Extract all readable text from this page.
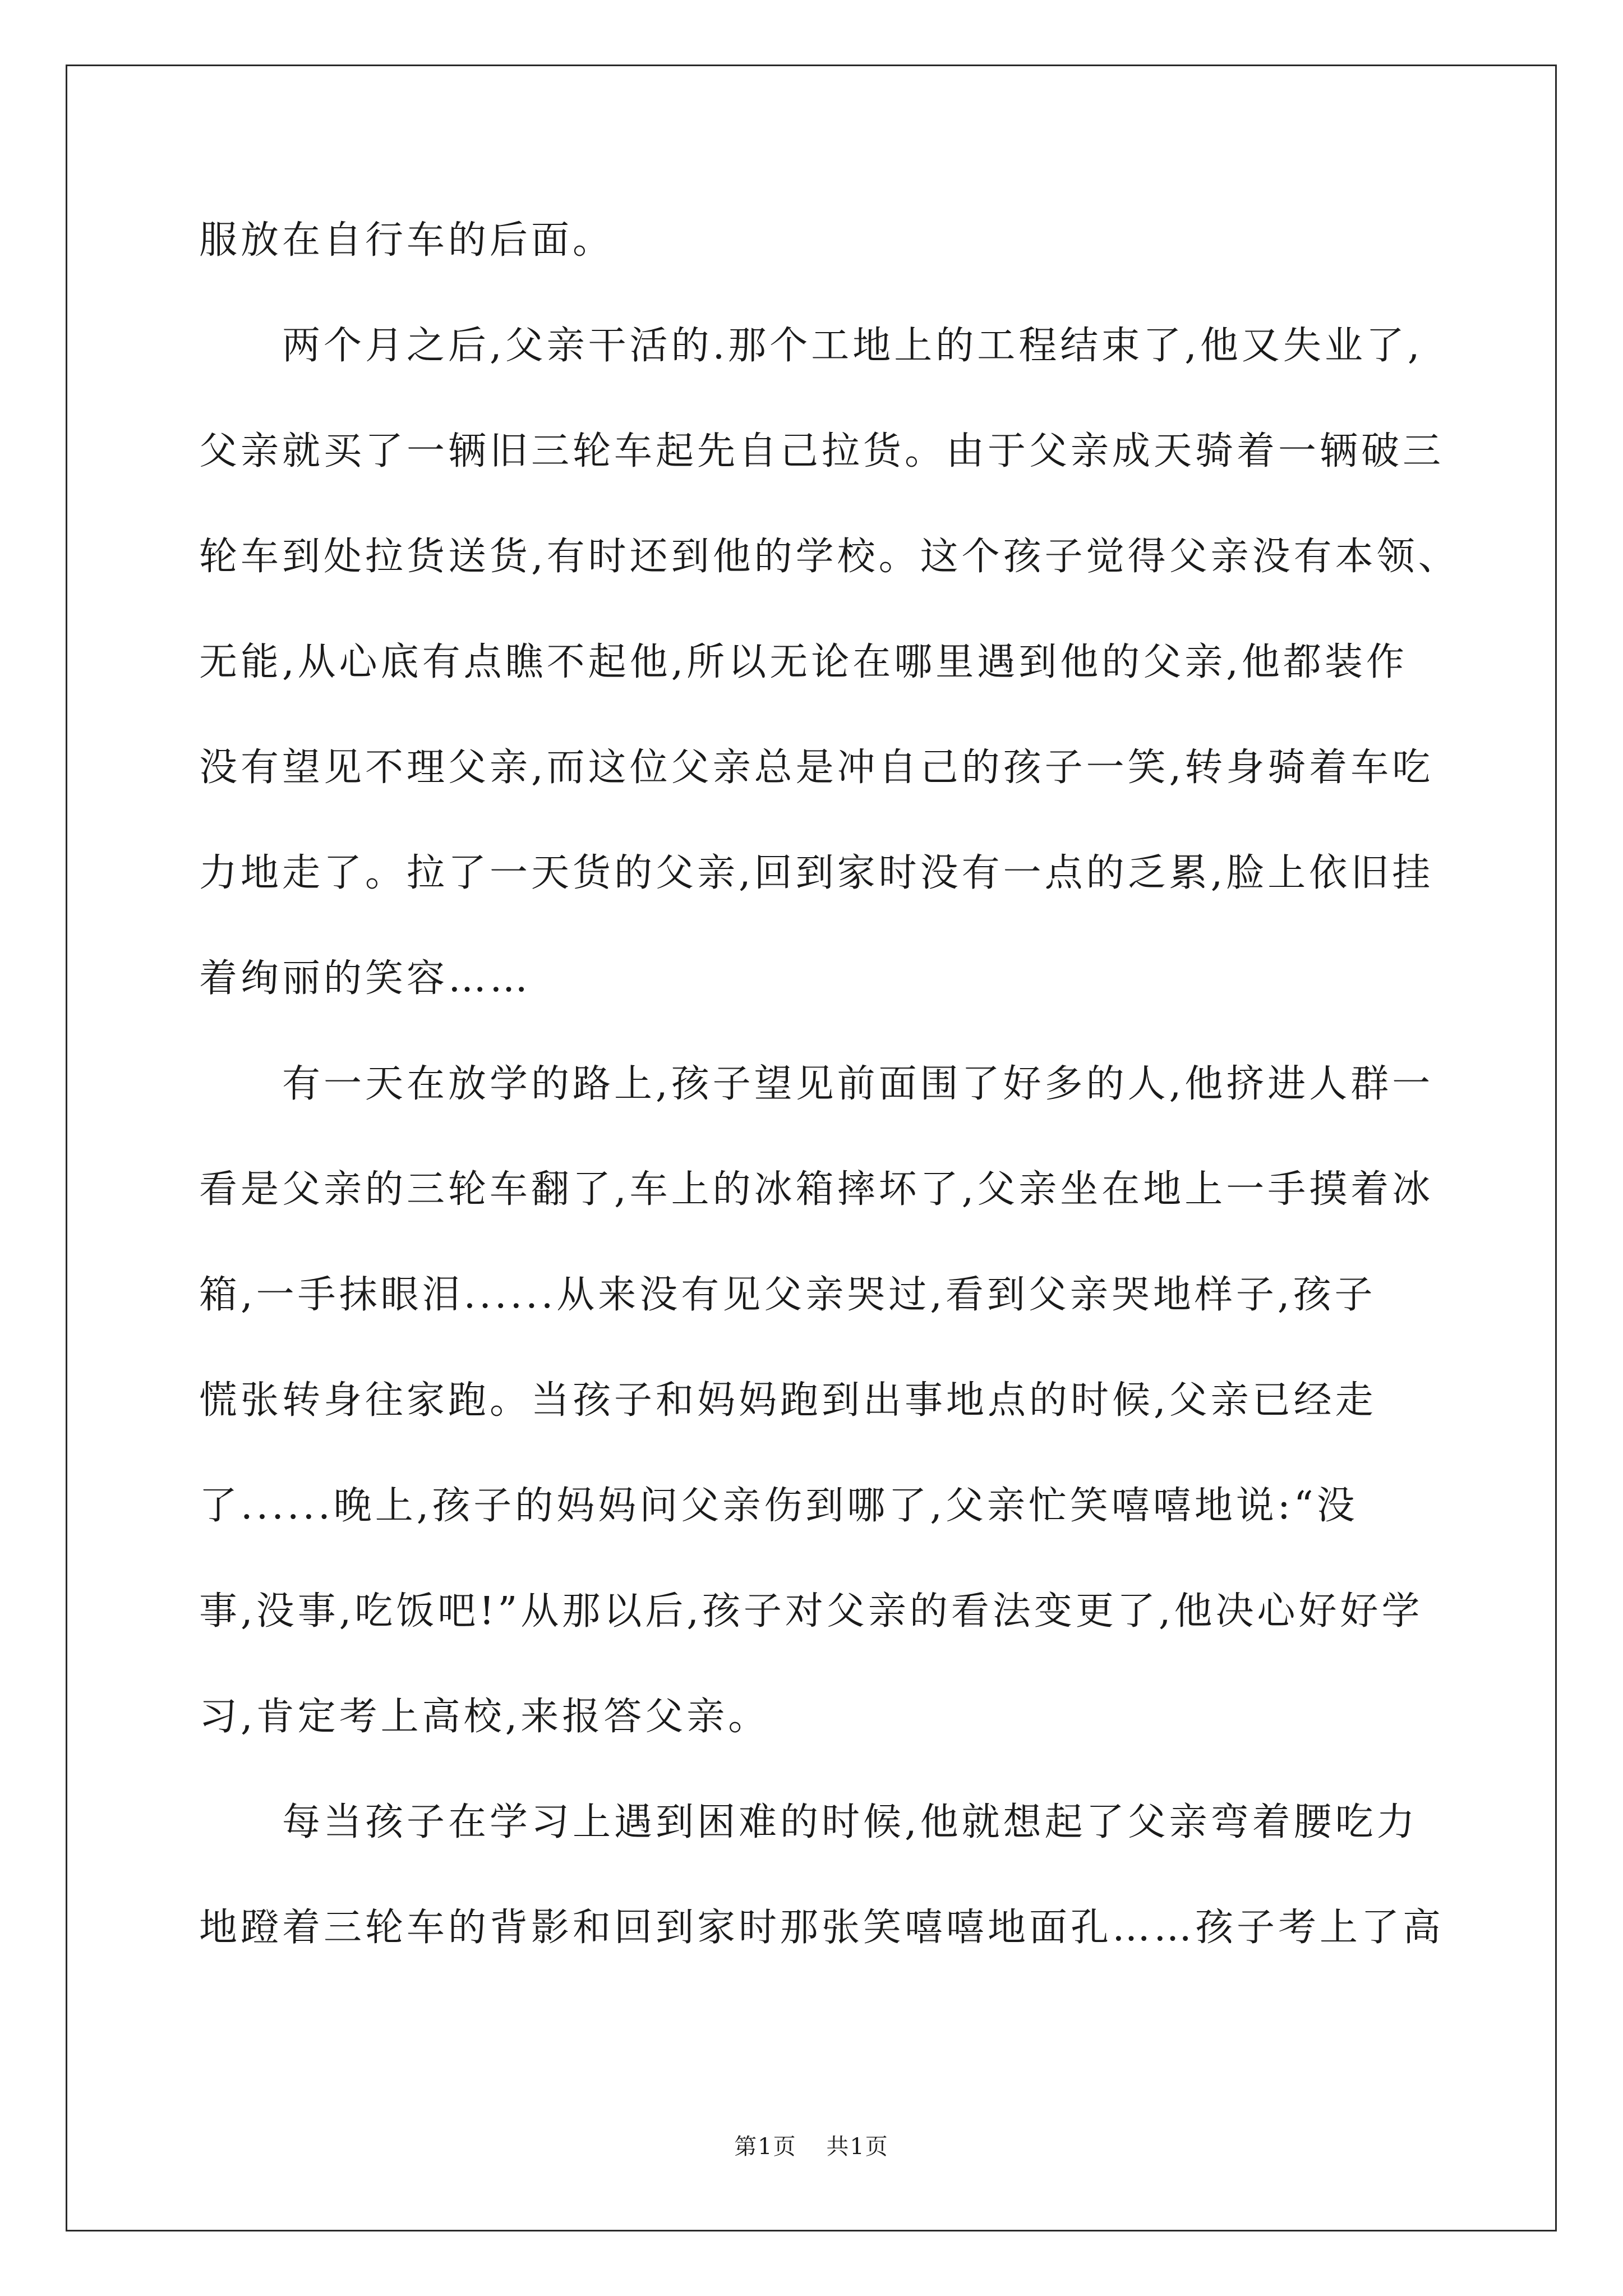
服放在自行车的后面。
两个月之后,父亲干活的.那个工地上的工程结束了,他又失业了,
父亲就买了一辆旧三轮车起先自己拉货。由于父亲成天骑着一辆破三
轮车到处拉货送货,有时还到他的学校。这个孩子觉得父亲没有本领、
无能,从心底有点瞧不起他,所以无论在哪里遇到他的父亲,他都装作
没有望见不理父亲,而这位父亲总是冲自己的孩子一笑,转身骑着车吃
力地走了。拉了一天货的父亲,回到家时没有一点的乏累,脸上依旧挂
着绚丽的笑容……
有一天在放学的路上,孩子望见前面围了好多的人,他挤进人群一
看是父亲的三轮车翻了,车上的冰箱摔坏了,父亲坐在地上一手摸着冰
箱,一手抹眼泪......从来没有见父亲哭过,看到父亲哭地样子,孩子
慌张转身往家跑。当孩子和妈妈跑到出事地点的时候,父亲已经走
了......晚上,孩子的妈妈问父亲伤到哪了,父亲忙笑嘻嘻地说:“没
事,没事,吃饭吧!”从那以后,孩子对父亲的看法变更了,他决心好好学
习,肯定考上高校,来报答父亲。
每当孩子在学习上遇到困难的时候,他就想起了父亲弯着腰吃力
地蹬着三轮车的背影和回到家时那张笑嘻嘻地面孔……孩子考上了高
第1页 共1页
